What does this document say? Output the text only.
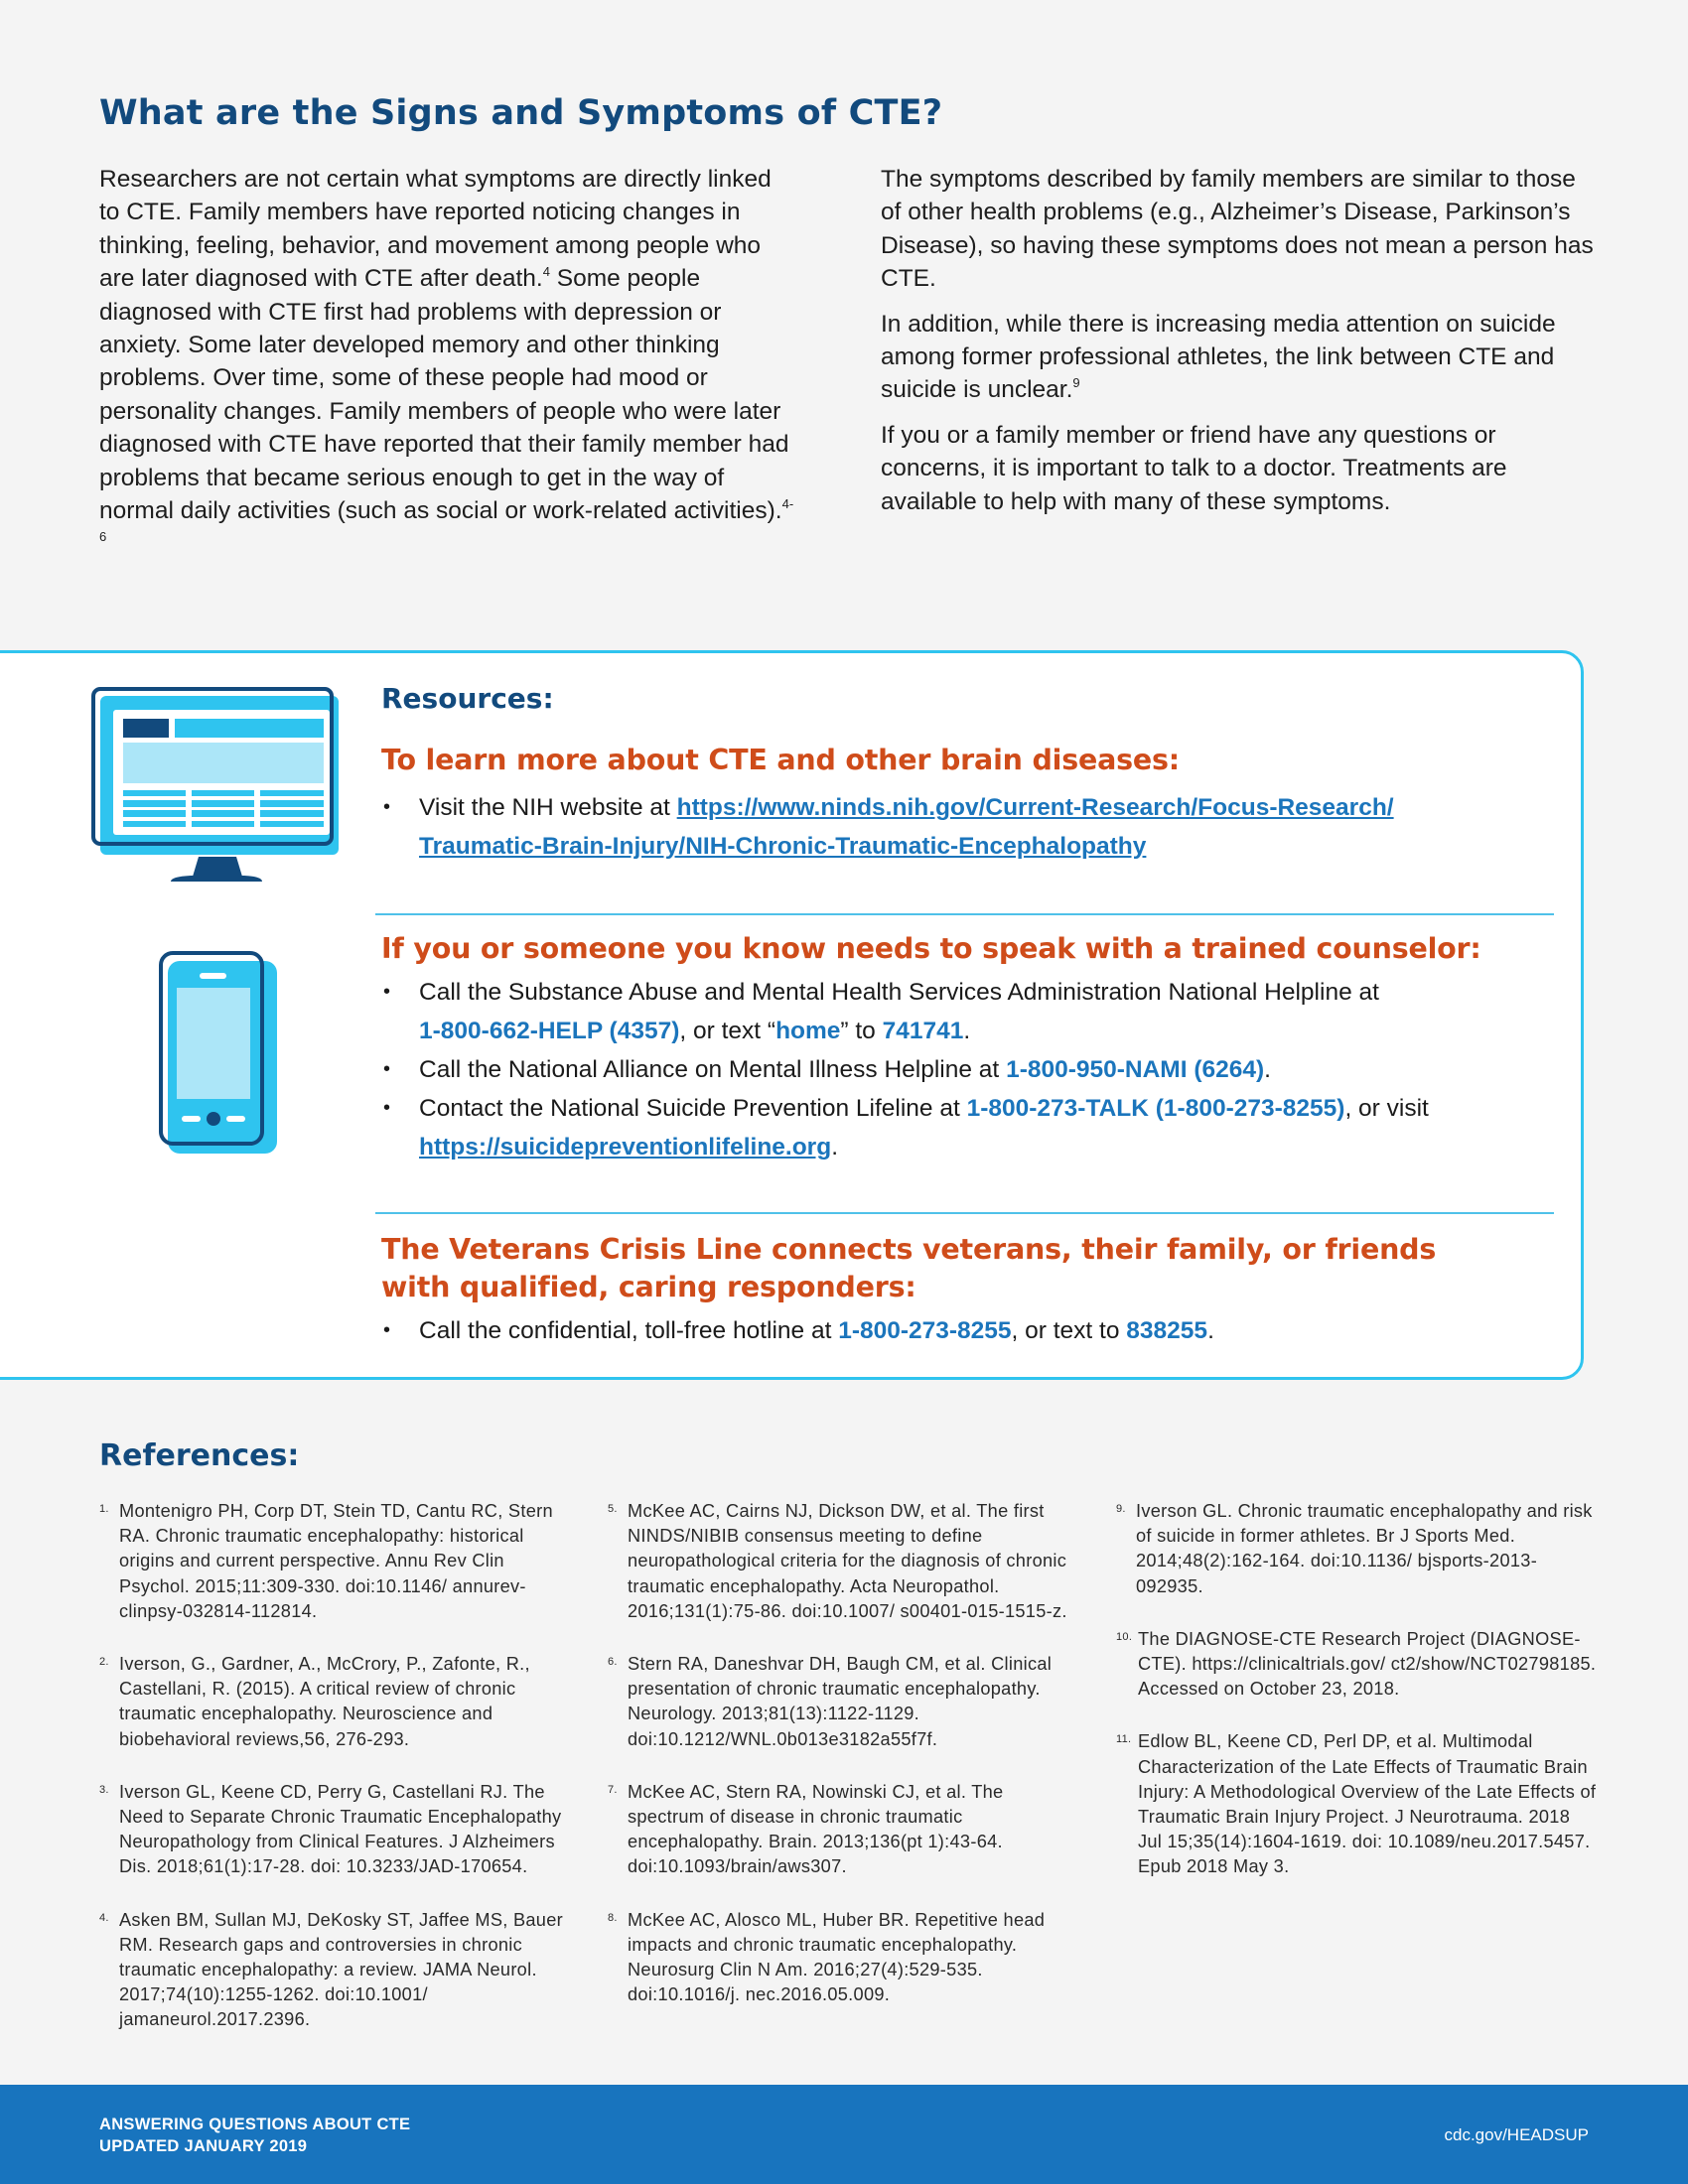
What are the Signs and Symptoms of CTE?

Researchers are not certain what symptoms are directly linked to CTE. Family members have reported noticing changes in thinking, feeling, behavior, and movement among people who are later diagnosed with CTE after death.$^4$ Some people diagnosed with CTE first had problems with depression or anxiety. Some later developed memory and other thinking problems. Over time, some of these people had mood or personality changes. Family members of people who were later diagnosed with CTE have reported that their family member had problems that became serious enough to get in the way of normal daily activities (such as social or work-related activities).$^{4-6}$

The symptoms described by family members are similar to those of other health problems (e.g., Alzheimer’s Disease, Parkinson’s Disease), so having these symptoms does not mean a person has CTE.

In addition, while there is increasing media attention on suicide among former professional athletes, the link between CTE and suicide is unclear.$^9$

If you or a family member or friend have any questions or concerns, it is important to talk to a doctor. Treatments are available to help with many of these symptoms.

Resources:
To learn more about CTE and other brain diseases:
• Visit the NIH website at https://www.ninds.nih.gov/Current-Research/Focus-Research/
Traumatic-Brain-Injury/NIH-Chronic-Traumatic-Encephalopathy
If you or someone you know needs to speak with a trained counselor:
• Call the Substance Abuse and Mental Health Services Administration National Helpline at
1-800-662-HELP (4357), or text “home” to 741741.
• Call the National Alliance on Mental Illness Helpline at 1-800-950-NAMI (6264).
• Contact the National Suicide Prevention Lifeline at 1-800-273-TALK (1-800-273-8255), or visit https://suicidepreventionlifeline.org.
The Veterans Crisis Line connects veterans, their family, or friends with qualified, caring responders:
• Call the confidential, toll-free hotline at 1-800-273-8255, or text to 838255.
References:
1. Montenigro PH, Corp DT, Stein TD, Cantu RC, Stern RA. Chronic traumatic encephalopathy: historical origins and current perspective. Annu Rev Clin Psychol. 2015;11:309-330. doi:10.1146/ annurev-clinpsy-032814-112814.
2. Iverson, G., Gardner, A., McCrory, P., Zafonte, R., Castellani, R. (2015). A critical review of chronic traumatic encephalopathy. Neuroscience and biobehavioral reviews,56, 276-293.
3. Iverson GL, Keene CD, Perry G, Castellani RJ. The Need to Separate Chronic Traumatic Encephalopathy Neuropathology from Clinical Features. J Alzheimers Dis. 2018;61(1):17-28. doi: 10.3233/JAD-170654.
4. Asken BM, Sullan MJ, DeKosky ST, Jaffee MS, Bauer RM. Research gaps and controversies in chronic traumatic encephalopathy: a review. JAMA Neurol. 2017;74(10):1255-1262. doi:10.1001/ jamaneurol.2017.2396.
5. McKee AC, Cairns NJ, Dickson DW, et al. The first NINDS/NIBIB consensus meeting to define neuropathological criteria for the diagnosis of chronic traumatic encephalopathy. Acta Neuropathol. 2016;131(1):75-86. doi:10.1007/ s00401-015-1515-z.
6. Stern RA, Daneshvar DH, Baugh CM, et al. Clinical presentation of chronic traumatic encephalopathy. Neurology. 2013;81(13):1122-1129. doi:10.1212/WNL.0b013e3182a55f7f.
7. McKee AC, Stern RA, Nowinski CJ, et al. The spectrum of disease in chronic traumatic encephalopathy. Brain. 2013;136(pt 1):43-64. doi:10.1093/brain/aws307.
8. McKee AC, Alosco ML, Huber BR. Repetitive head impacts and chronic traumatic encephalopathy. Neurosurg Clin N Am. 2016;27(4):529-535. doi:10.1016/j. nec.2016.05.009.
9. Iverson GL. Chronic traumatic encephalopathy and risk of suicide in former athletes. Br J Sports Med. 2014;48(2):162-164. doi:10.1136/ bjsports-2013-092935.
10. The DIAGNOSE-CTE Research Project (DIAGNOSE-CTE). https://clinicaltrials.gov/ ct2/show/NCT02798185. Accessed on October 23, 2018.
11. Edlow BL, Keene CD, Perl DP, et al. Multimodal Characterization of the Late Effects of Traumatic Brain Injury: A Methodological Overview of the Late Effects of Traumatic Brain Injury Project. J Neurotrauma. 2018 Jul 15;35(14):1604-1619. doi: 10.1089/neu.2017.5457. Epub 2018 May 3.
ANSWERING QUESTIONS ABOUT CTE
UPDATED JANUARY 2019
cdc.gov/HEADSUP
